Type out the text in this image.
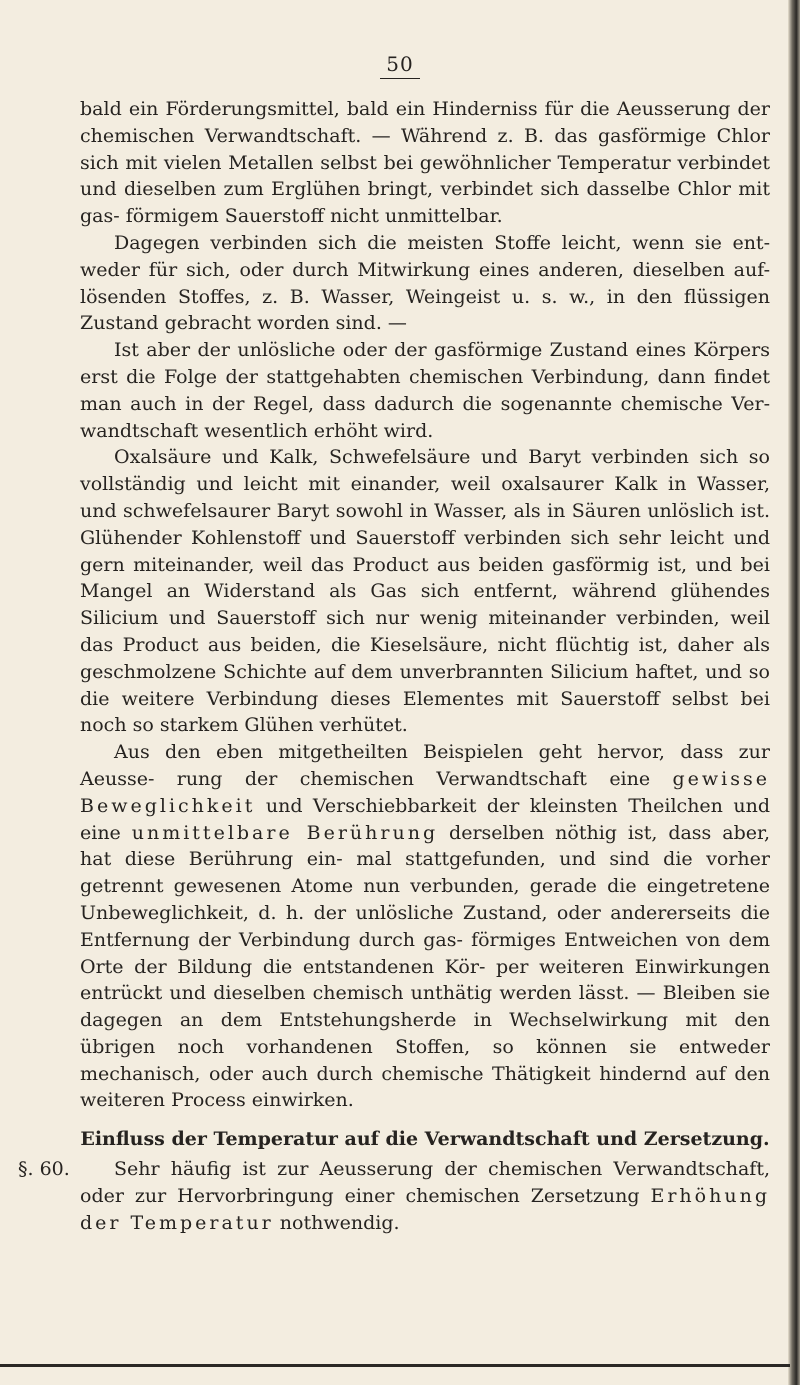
50

bald ein Förderungsmittel, bald ein Hinderniss für die Aeusserung der chemischen Verwandtschaft. — Während z. B. das gasförmige Chlor sich mit vielen Metallen selbst bei gewöhnlicher Temperatur verbindet und dieselben zum Erglühen bringt, verbindet sich dasselbe Chlor mit gas- förmigem Sauerstoff nicht unmittelbar.

Dagegen verbinden sich die meisten Stoffe leicht, wenn sie ent- weder für sich, oder durch Mitwirkung eines anderen, dieselben auf- lösenden Stoffes, z. B. Wasser, Weingeist u. s. w., in den flüssigen Zustand gebracht worden sind. —

Ist aber der unlösliche oder der gasförmige Zustand eines Körpers erst die Folge der stattgehabten chemischen Verbindung, dann findet man auch in der Regel, dass dadurch die sogenannte chemische Ver- wandtschaft wesentlich erhöht wird.

Oxalsäure und Kalk, Schwefelsäure und Baryt verbinden sich so vollständig und leicht mit einander, weil oxalsaurer Kalk in Wasser, und schwefelsaurer Baryt sowohl in Wasser, als in Säuren unlöslich ist. Glühender Kohlenstoff und Sauerstoff verbinden sich sehr leicht und gern miteinander, weil das Product aus beiden gasförmig ist, und bei Mangel an Widerstand als Gas sich entfernt, während glühendes Silicium und Sauerstoff sich nur wenig miteinander verbinden, weil das Product aus beiden, die Kieselsäure, nicht flüchtig ist, daher als geschmolzene Schichte auf dem unverbrannten Silicium haftet, und so die weitere Verbindung dieses Elementes mit Sauerstoff selbst bei noch so starkem Glühen verhütet.

Aus den eben mitgetheilten Beispielen geht hervor, dass zur Aeusse- rung der chemischen Verwandtschaft eine gewisse Beweglichkeit und Verschiebbarkeit der kleinsten Theilchen und eine unmittelbare Berührung derselben nöthig ist, dass aber, hat diese Berührung ein- mal stattgefunden, und sind die vorher getrennt gewesenen Atome nun verbunden, gerade die eingetretene Unbeweglichkeit, d. h. der unlösliche Zustand, oder andererseits die Entfernung der Verbindung durch gas- förmiges Entweichen von dem Orte der Bildung die entstandenen Kör- per weiteren Einwirkungen entrückt und dieselben chemisch unthätig werden lässt. — Bleiben sie dagegen an dem Entstehungsherde in Wechselwirkung mit den übrigen noch vorhandenen Stoffen, so können sie entweder mechanisch, oder auch durch chemische Thätigkeit hindernd auf den weiteren Process einwirken.

Einfluss der Temperatur auf die Verwandtschaft und Zersetzung.

§. 60. Sehr häufig ist zur Aeusserung der chemischen Verwandtschaft, oder zur Hervorbringung einer chemischen Zersetzung Erhöhung der Temperatur nothwendig.
